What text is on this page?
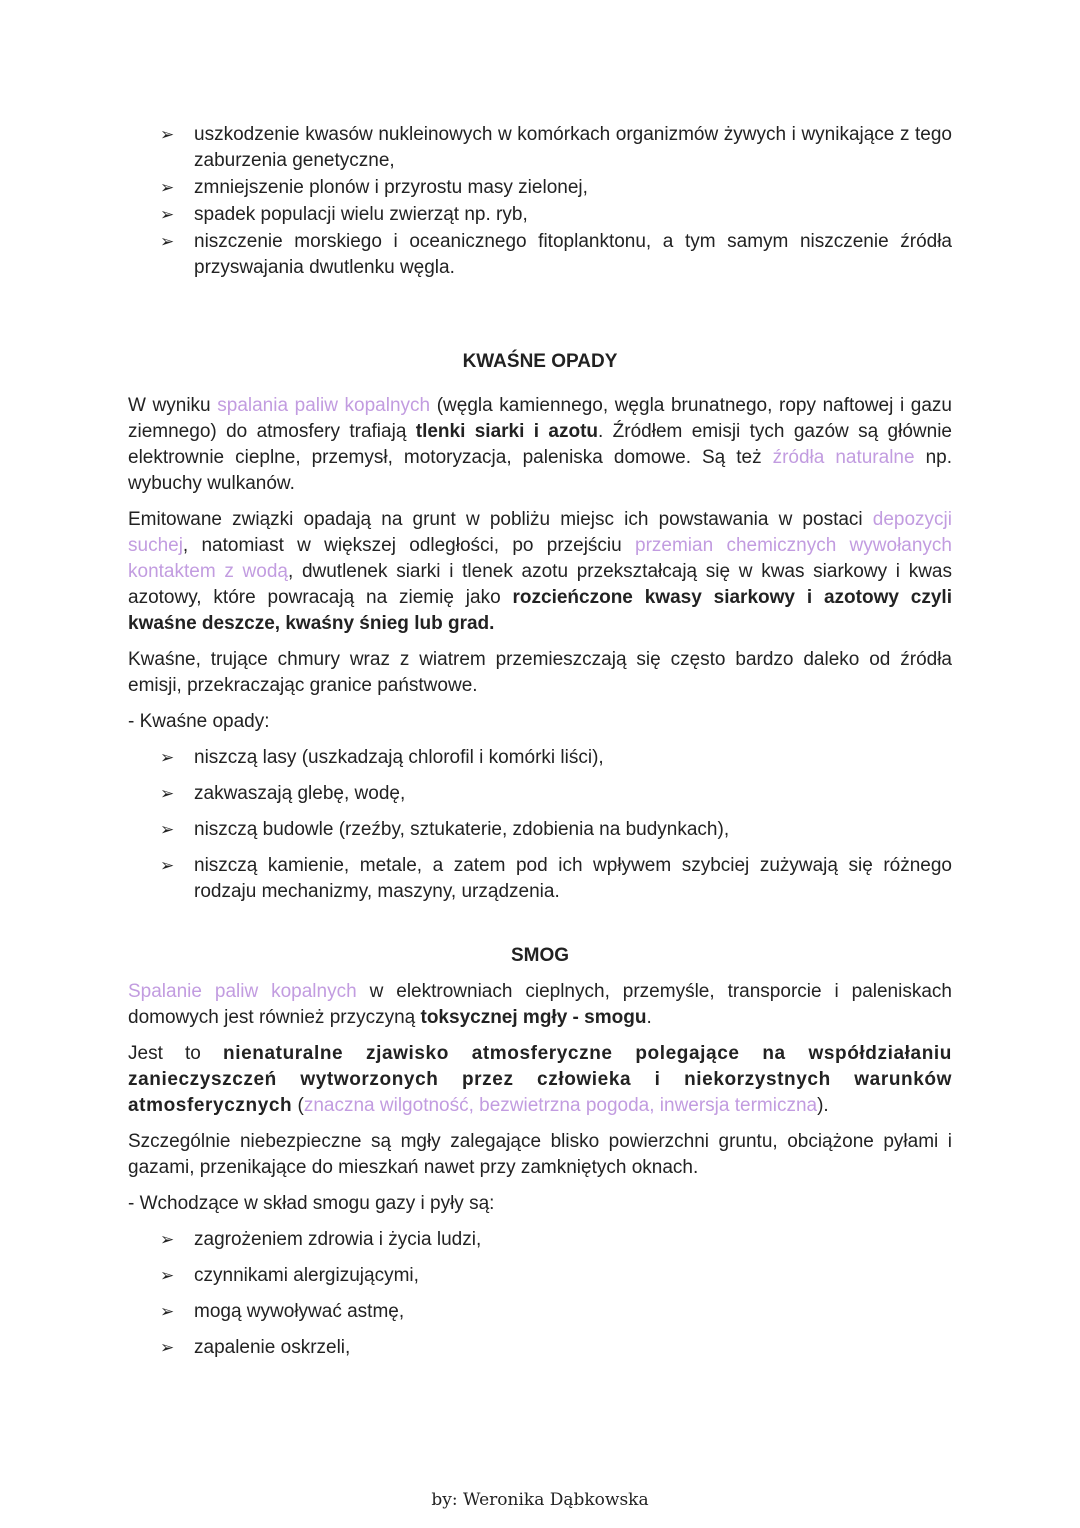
➢ uszkodzenie kwasów nukleinowych w komórkach organizmów żywych i wynikające z tego zaburzenia genetyczne,
➢ zmniejszenie plonów i przyrostu masy zielonej,
➢ spadek populacji wielu zwierząt np. ryb,
➢ niszczenie morskiego i oceanicznego fitoplanktonu, a tym samym niszczenie źródła przyswajania dwutlenku węgla.
KWAŚNE OPADY

W wyniku spalania paliw kopalnych (węgla kamiennego, węgla brunatnego, ropy naftowej i gazu ziemnego) do atmosfery trafiają tlenki siarki i azotu. Źródłem emisji tych gazów są głównie elektrownie cieplne, przemysł, motoryzacja, paleniska domowe. Są też źródła naturalne np. wybuchy wulkanów.

Emitowane związki opadają na grunt w pobliżu miejsc ich powstawania w postaci depozycji suchej, natomiast w większej odległości, po przejściu przemian chemicznych wywołanych kontaktem z wodą, dwutlenek siarki i tlenek azotu przekształcają się w kwas siarkowy i kwas azotowy, które powracają na ziemię jako rozcieńczone kwasy siarkowy i azotowy czyli kwaśne deszcze, kwaśny śnieg lub grad.

Kwaśne, trujące chmury wraz z wiatrem przemieszczają się często bardzo daleko od źródła emisji, przekraczając granice państwowe.

- Kwaśne opady:

➢ niszczą lasy (uszkadzają chlorofil i komórki liści),
➢ zakwaszają glebę, wodę,
➢ niszczą budowle (rzeźby, sztukaterie, zdobienia na budynkach),
➢ niszczą kamienie, metale, a zatem pod ich wpływem szybciej zużywają się różnego rodzaju mechanizmy, maszyny, urządzenia.
SMOG

Spalanie paliw kopalnych w elektrowniach cieplnych, przemyśle, transporcie i paleniskach domowych jest również przyczyną toksycznej mgły - smogu.

Jest to nienaturalne zjawisko atmosferyczne polegające na współdziałaniu zanieczyszczeń wytworzonych przez człowieka i niekorzystnych warunków atmosferycznych (znaczna wilgotność, bezwietrzna pogoda, inwersja termiczna).

Szczególnie niebezpieczne są mgły zalegające blisko powierzchni gruntu, obciążone pyłami i gazami, przenikające do mieszkań nawet przy zamkniętych oknach.

- Wchodzące w skład smogu gazy i pyły są:

➢ zagrożeniem zdrowia i życia ludzi,
➢ czynnikami alergizującymi,
➢ mogą wywoływać astmę,
➢ zapalenie oskrzeli,
by: Weronika Dąbkowska
